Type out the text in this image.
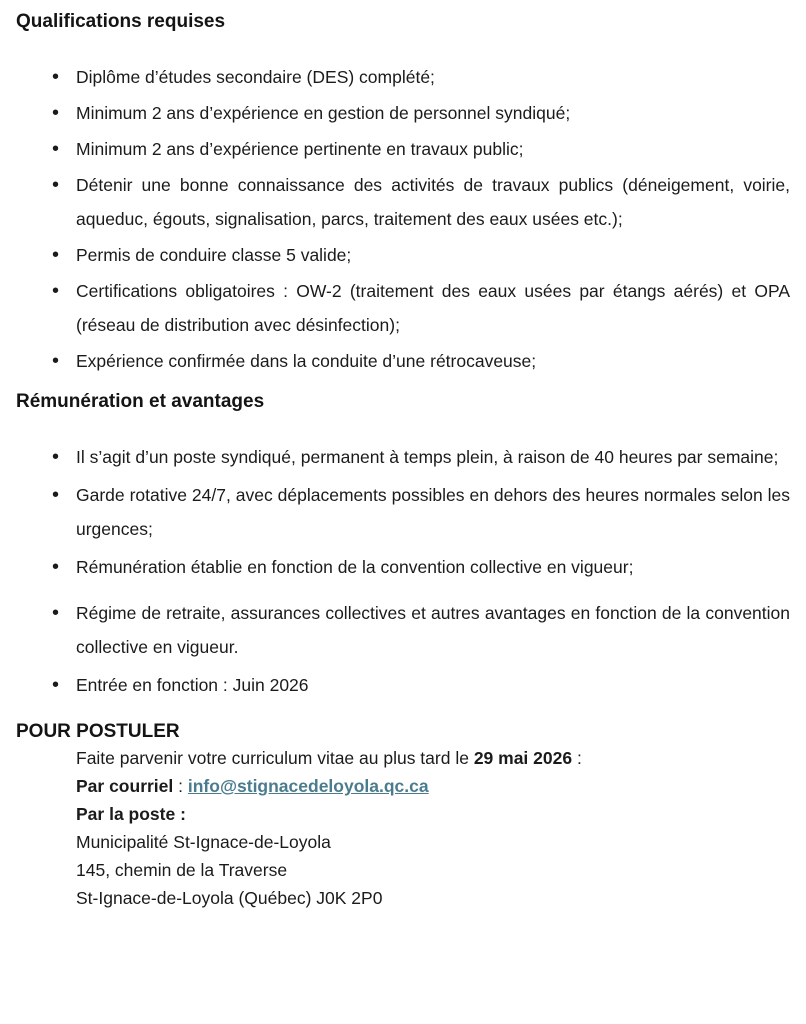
Qualifications requises
•
Diplôme d’études secondaire (DES) complété;
•
Minimum 2 ans d’expérience en gestion de personnel syndiqué;
•
Minimum 2 ans d’expérience pertinente en travaux public;
•
Détenir une bonne connaissance des activités de travaux publics (déneigement, voirie, aqueduc, égouts, signalisation, parcs, traitement des eaux usées etc.);
•
Permis de conduire classe 5 valide;
•
Certifications obligatoires : OW-2 (traitement des eaux usées par étangs aérés) et OPA (réseau de distribution avec désinfection);
•
Expérience confirmée dans la conduite d’une rétrocaveuse;
Rémunération et avantages
•
Il s’agit d’un poste syndiqué, permanent à temps plein, à raison de 40 heures par semaine;
•
Garde rotative 24/7, avec déplacements possibles en dehors des heures normales selon les urgences;
•
Rémunération établie en fonction de la convention collective en vigueur;
•
Régime de retraite, assurances collectives et autres avantages en fonction de la convention collective en vigueur.
•
Entrée en fonction : Juin 2026
POUR POSTULER

Faite parvenir votre curriculum vitae au plus tard le 29 mai 2026 :

Par courriel : info@stignacedeloyola.qc.ca

Par la poste :

Municipalité St-Ignace-de-Loyola
145, chemin de la Traverse
St-Ignace-de-Loyola (Québec) J0K 2P0
